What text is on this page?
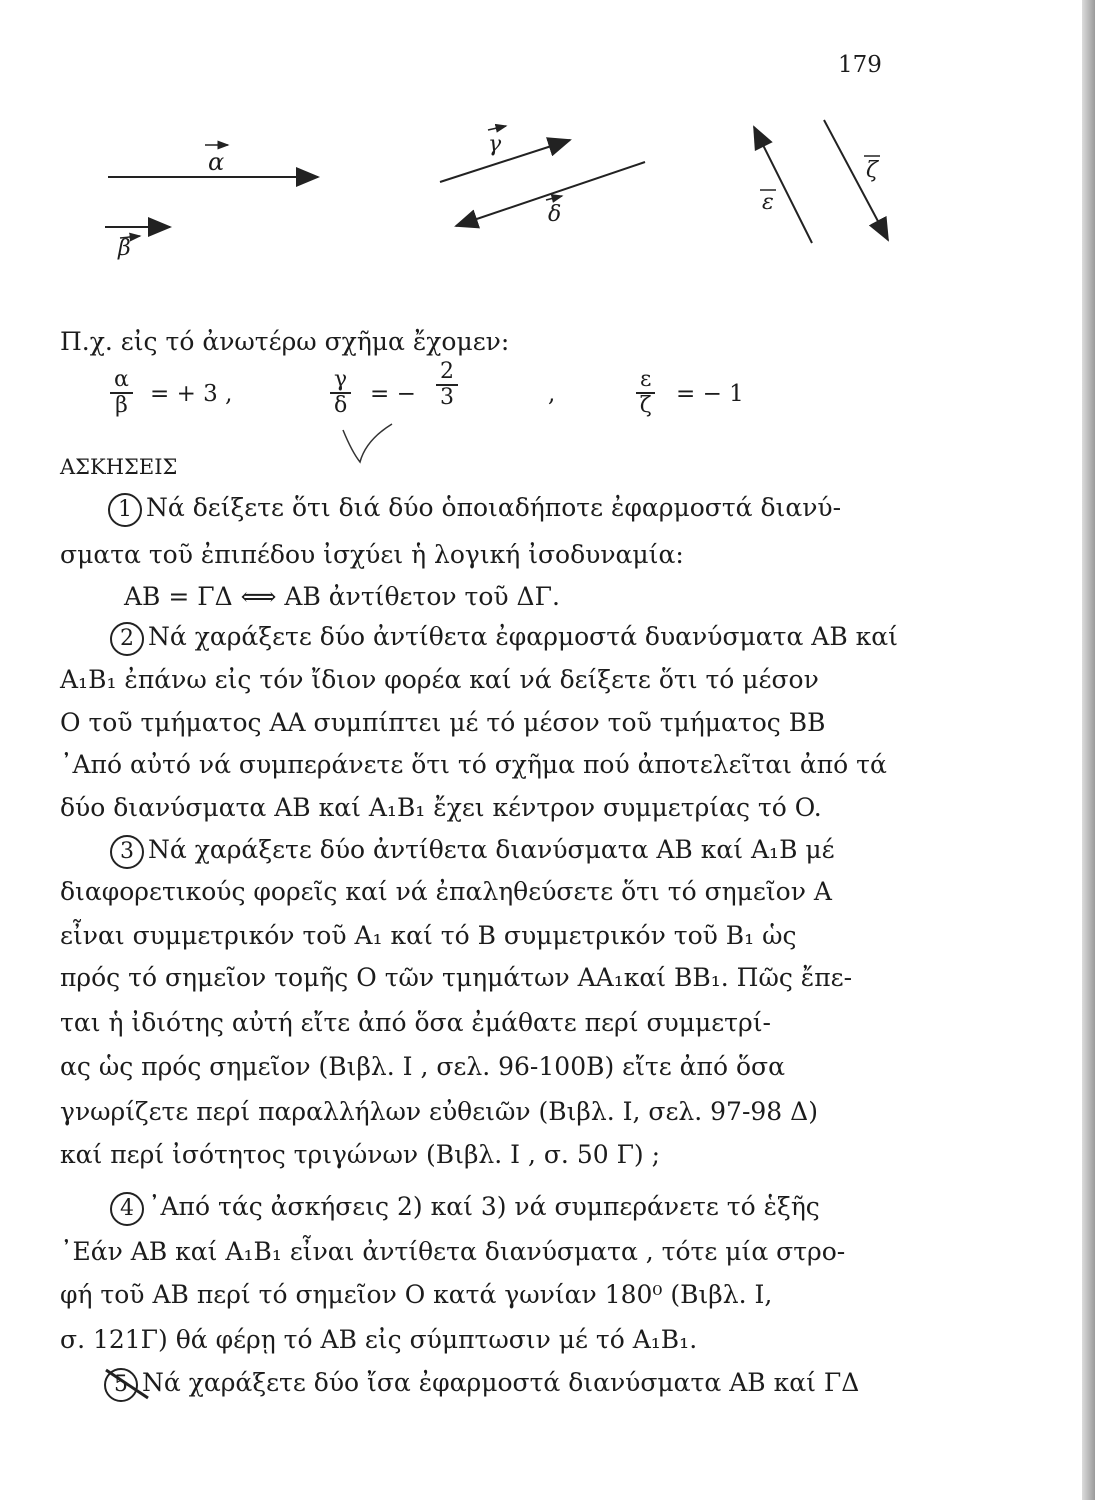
179
α
β
γ
δ	ε
ζ
Π.χ. εἰς τό ἀνωτέρω σχῆμα ἔχομεν:
$\frac{\alpha}{\beta}$ = + 3 ,	$\frac{\gamma}{\delta}$ = − $\frac{2}{3}$	,	$\frac{\varepsilon}{\zeta}$ = − 1
ΑΣΚΗΣΕΙΣ
1 Νά δείξετε ὅτι διά δύο ὁποιαδήποτε ἐφαρμοστά διανύ-
σματα τοῦ ἐπιπέδου ἰσχύει ἡ λογική ἰσοδυναμία:
AB = ΓΔ ⟺ AB ἀντίθετον τοῦ ΔΓ.
2 Νά χαράξετε δύο ἀντίθετα ἐφαρμοστά δυανύσματα AB καί
A₁B₁ ἐπάνω εἰς τόν ἴδιον φορέα καί νά δείξετε ὅτι τό μέσον
O τοῦ τμήματος AA συμπίπτει μέ τό μέσον τοῦ τμήματος BB
᾿Από αὐτό νά συμπεράνετε ὅτι τό σχῆμα πού ἀποτελεῖται ἀπό τά
δύο διανύσματα AB καί A₁B₁ ἔχει κέντρον συμμετρίας τό O.
3 Νά χαράξετε δύο ἀντίθετα διανύσματα AB καί A₁B μέ
διαφορετικούς φορεῖς καί νά ἐπαληθεύσετε ὅτι τό σημεῖον A
εἶναι συμμετρικόν τοῦ A₁ καί τό B συμμετρικόν τοῦ B₁ ὡς
πρός τό σημεῖον τομῆς O τῶν τμημάτων AA₁καί BB₁. Πῶς ἔπε-
ται ἡ ἰδιότης αὐτή εἴτε ἀπό ὅσα ἐμάθατε περί συμμετρί-
ας ὡς πρός σημεῖον (Βιβλ. Ι , σελ. 96-100Β) εἴτε ἀπό ὅσα
γνωρίζετε περί παραλλήλων εὐθειῶν (Βιβλ. Ι, σελ. 97-98 Δ)
καί περί ἰσότητος τριγώνων (Βιβλ. Ι , σ. 50 Γ) ;
4 ᾿Από τάς ἀσκήσεις 2) καί 3) νά συμπεράνετε τό ἑξῆς
᾿Εάν AB καί A₁B₁ εἶναι ἀντίθετα διανύσματα , τότε μία στρο-
φή τοῦ AB περί τό σημεῖον O κατά γωνίαν 180⁰ (Βιβλ. Ι,
σ. 121Γ) θά φέρῃ τό AB εἰς σύμπτωσιν μέ τό A₁B₁.
5 Νά χαράξετε δύο ἴσα ἐφαρμοστά διανύσματα AB καί ΓΔ
